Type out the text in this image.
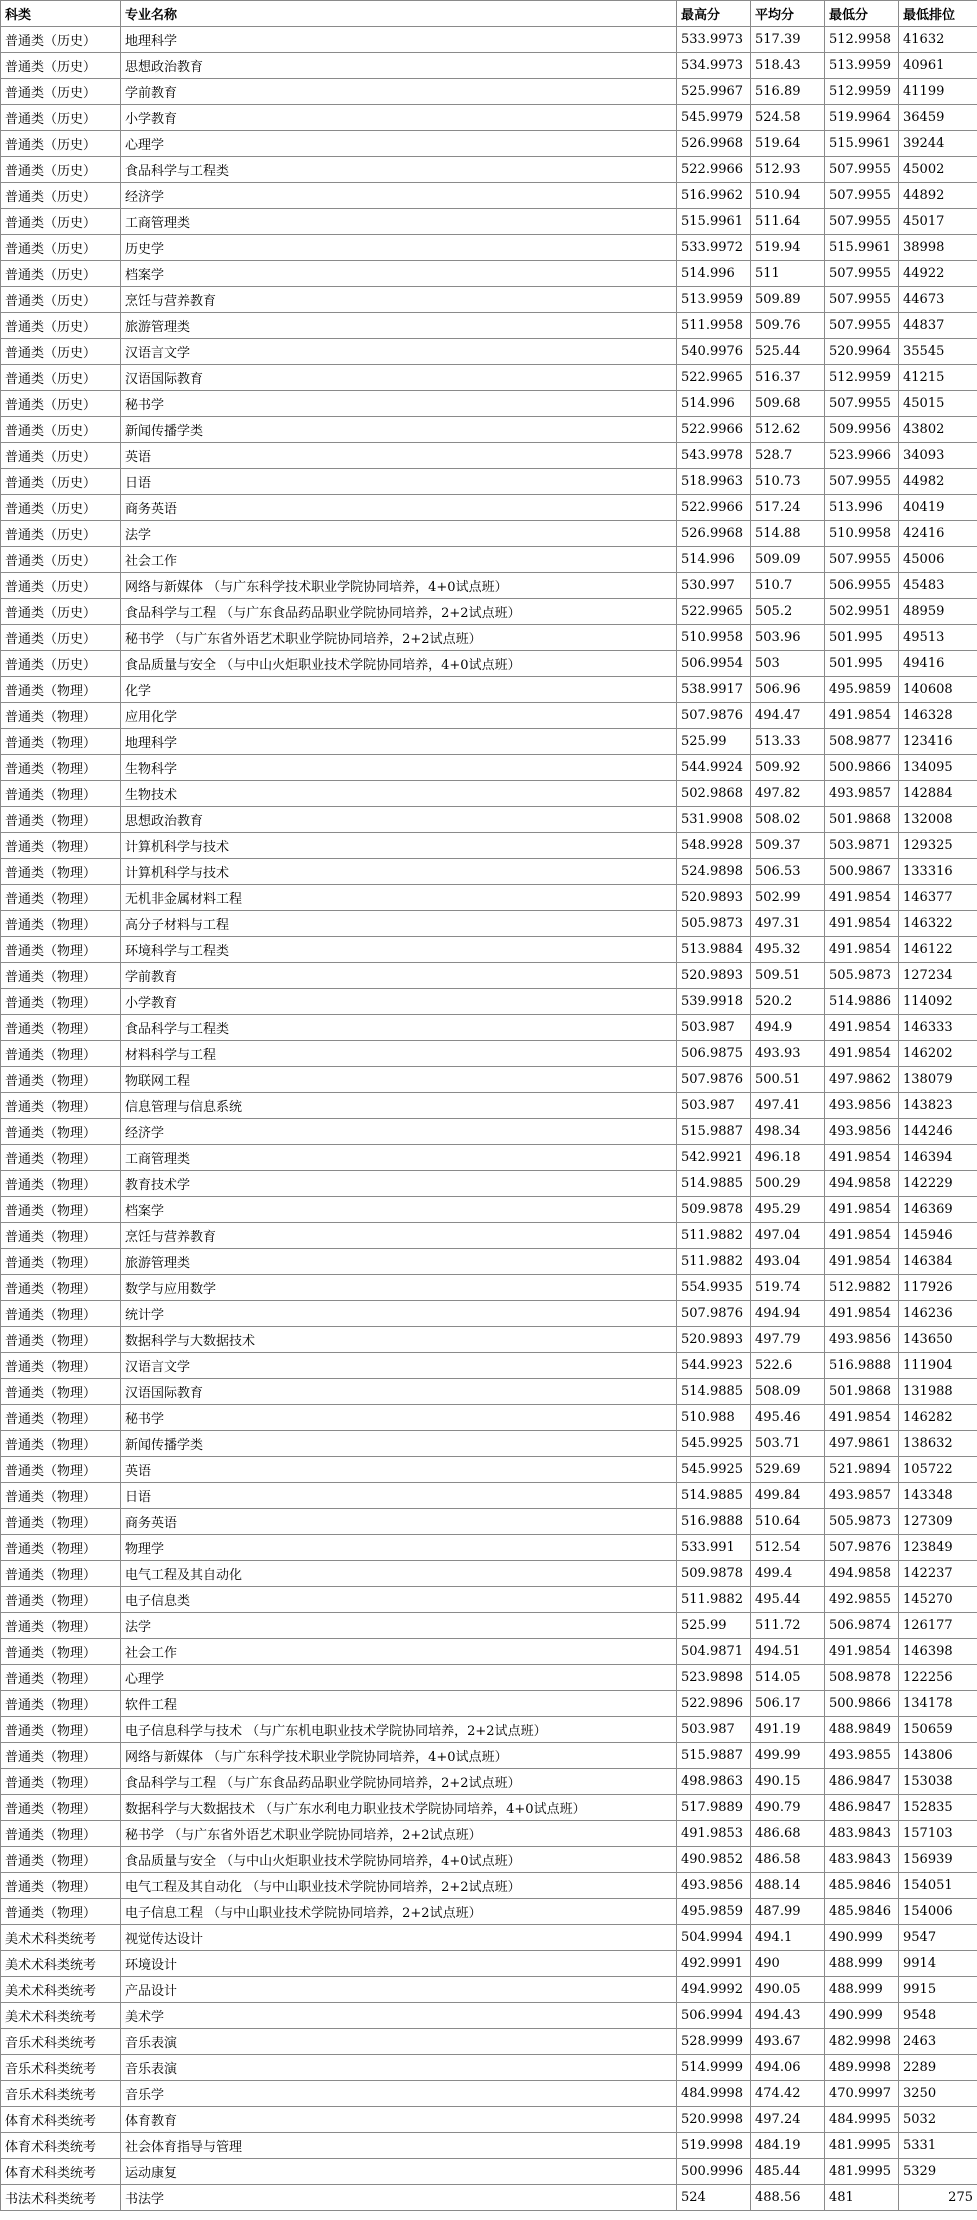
科类	专业名称	最高分	平均分	最低分	最低排位
普通类（历史）	地理科学	533.9973	517.39	512.9958	41632
普通类（历史）	思想政治教育	534.9973	518.43	513.9959	40961
普通类（历史）	学前教育	525.9967	516.89	512.9959	41199
普通类（历史）	小学教育	545.9979	524.58	519.9964	36459
普通类（历史）	心理学	526.9968	519.64	515.9961	39244
普通类（历史）	食品科学与工程类	522.9966	512.93	507.9955	45002
普通类（历史）	经济学	516.9962	510.94	507.9955	44892
普通类（历史）	工商管理类	515.9961	511.64	507.9955	45017
普通类（历史）	历史学	533.9972	519.94	515.9961	38998
普通类（历史）	档案学	514.996	511	507.9955	44922
普通类（历史）	烹饪与营养教育	513.9959	509.89	507.9955	44673
普通类（历史）	旅游管理类	511.9958	509.76	507.9955	44837
普通类（历史）	汉语言文学	540.9976	525.44	520.9964	35545
普通类（历史）	汉语国际教育	522.9965	516.37	512.9959	41215
普通类（历史）	秘书学	514.996	509.68	507.9955	45015
普通类（历史）	新闻传播学类	522.9966	512.62	509.9956	43802
普通类（历史）	英语	543.9978	528.7	523.9966	34093
普通类（历史）	日语	518.9963	510.73	507.9955	44982
普通类（历史）	商务英语	522.9966	517.24	513.996	40419
普通类（历史）	法学	526.9968	514.88	510.9958	42416
普通类（历史）	社会工作	514.996	509.09	507.9955	45006
普通类（历史）	网络与新媒体 （与广东科学技术职业学院协同培养，4+0试点班）	530.997	510.7	506.9955	45483
普通类（历史）	食品科学与工程 （与广东食品药品职业学院协同培养，2+2试点班）	522.9965	505.2	502.9951	48959
普通类（历史）	秘书学 （与广东省外语艺术职业学院协同培养，2+2试点班）	510.9958	503.96	501.995	49513
普通类（历史）	食品质量与安全 （与中山火炬职业技术学院协同培养，4+0试点班）	506.9954	503	501.995	49416
普通类（物理）	化学	538.9917	506.96	495.9859	140608
普通类（物理）	应用化学	507.9876	494.47	491.9854	146328
普通类（物理）	地理科学	525.99	513.33	508.9877	123416
普通类（物理）	生物科学	544.9924	509.92	500.9866	134095
普通类（物理）	生物技术	502.9868	497.82	493.9857	142884
普通类（物理）	思想政治教育	531.9908	508.02	501.9868	132008
普通类（物理）	计算机科学与技术	548.9928	509.37	503.9871	129325
普通类（物理）	计算机科学与技术	524.9898	506.53	500.9867	133316
普通类（物理）	无机非金属材料工程	520.9893	502.99	491.9854	146377
普通类（物理）	高分子材料与工程	505.9873	497.31	491.9854	146322
普通类（物理）	环境科学与工程类	513.9884	495.32	491.9854	146122
普通类（物理）	学前教育	520.9893	509.51	505.9873	127234
普通类（物理）	小学教育	539.9918	520.2	514.9886	114092
普通类（物理）	食品科学与工程类	503.987	494.9	491.9854	146333
普通类（物理）	材料科学与工程	506.9875	493.93	491.9854	146202
普通类（物理）	物联网工程	507.9876	500.51	497.9862	138079
普通类（物理）	信息管理与信息系统	503.987	497.41	493.9856	143823
普通类（物理）	经济学	515.9887	498.34	493.9856	144246
普通类（物理）	工商管理类	542.9921	496.18	491.9854	146394
普通类（物理）	教育技术学	514.9885	500.29	494.9858	142229
普通类（物理）	档案学	509.9878	495.29	491.9854	146369
普通类（物理）	烹饪与营养教育	511.9882	497.04	491.9854	145946
普通类（物理）	旅游管理类	511.9882	493.04	491.9854	146384
普通类（物理）	数学与应用数学	554.9935	519.74	512.9882	117926
普通类（物理）	统计学	507.9876	494.94	491.9854	146236
普通类（物理）	数据科学与大数据技术	520.9893	497.79	493.9856	143650
普通类（物理）	汉语言文学	544.9923	522.6	516.9888	111904
普通类（物理）	汉语国际教育	514.9885	508.09	501.9868	131988
普通类（物理）	秘书学	510.988	495.46	491.9854	146282
普通类（物理）	新闻传播学类	545.9925	503.71	497.9861	138632
普通类（物理）	英语	545.9925	529.69	521.9894	105722
普通类（物理）	日语	514.9885	499.84	493.9857	143348
普通类（物理）	商务英语	516.9888	510.64	505.9873	127309
普通类（物理）	物理学	533.991	512.54	507.9876	123849
普通类（物理）	电气工程及其自动化	509.9878	499.4	494.9858	142237
普通类（物理）	电子信息类	511.9882	495.44	492.9855	145270
普通类（物理）	法学	525.99	511.72	506.9874	126177
普通类（物理）	社会工作	504.9871	494.51	491.9854	146398
普通类（物理）	心理学	523.9898	514.05	508.9878	122256
普通类（物理）	软件工程	522.9896	506.17	500.9866	134178
普通类（物理）	电子信息科学与技术 （与广东机电职业技术学院协同培养，2+2试点班）	503.987	491.19	488.9849	150659
普通类（物理）	网络与新媒体 （与广东科学技术职业学院协同培养，4+0试点班）	515.9887	499.99	493.9855	143806
普通类（物理）	食品科学与工程 （与广东食品药品职业学院协同培养，2+2试点班）	498.9863	490.15	486.9847	153038
普通类（物理）	数据科学与大数据技术 （与广东水利电力职业技术学院协同培养，4+0试点班）	517.9889	490.79	486.9847	152835
普通类（物理）	秘书学 （与广东省外语艺术职业学院协同培养，2+2试点班）	491.9853	486.68	483.9843	157103
普通类（物理）	食品质量与安全 （与中山火炬职业技术学院协同培养，4+0试点班）	490.9852	486.58	483.9843	156939
普通类（物理）	电气工程及其自动化 （与中山职业技术学院协同培养，2+2试点班）	493.9856	488.14	485.9846	154051
普通类（物理）	电子信息工程 （与中山职业技术学院协同培养，2+2试点班）	495.9859	487.99	485.9846	154006
美术术科类统考	视觉传达设计	504.9994	494.1	490.999	9547
美术术科类统考	环境设计	492.9991	490	488.999	9914
美术术科类统考	产品设计	494.9992	490.05	488.999	9915
美术术科类统考	美术学	506.9994	494.43	490.999	9548
音乐术科类统考	音乐表演	528.9999	493.67	482.9998	2463
音乐术科类统考	音乐表演	514.9999	494.06	489.9998	2289
音乐术科类统考	音乐学	484.9998	474.42	470.9997	3250
体育术科类统考	体育教育	520.9998	497.24	484.9995	5032
体育术科类统考	社会体育指导与管理	519.9998	484.19	481.9995	5331
体育术科类统考	运动康复	500.9996	485.44	481.9995	5329
书法术科类统考	书法学	524	488.56	481	275
